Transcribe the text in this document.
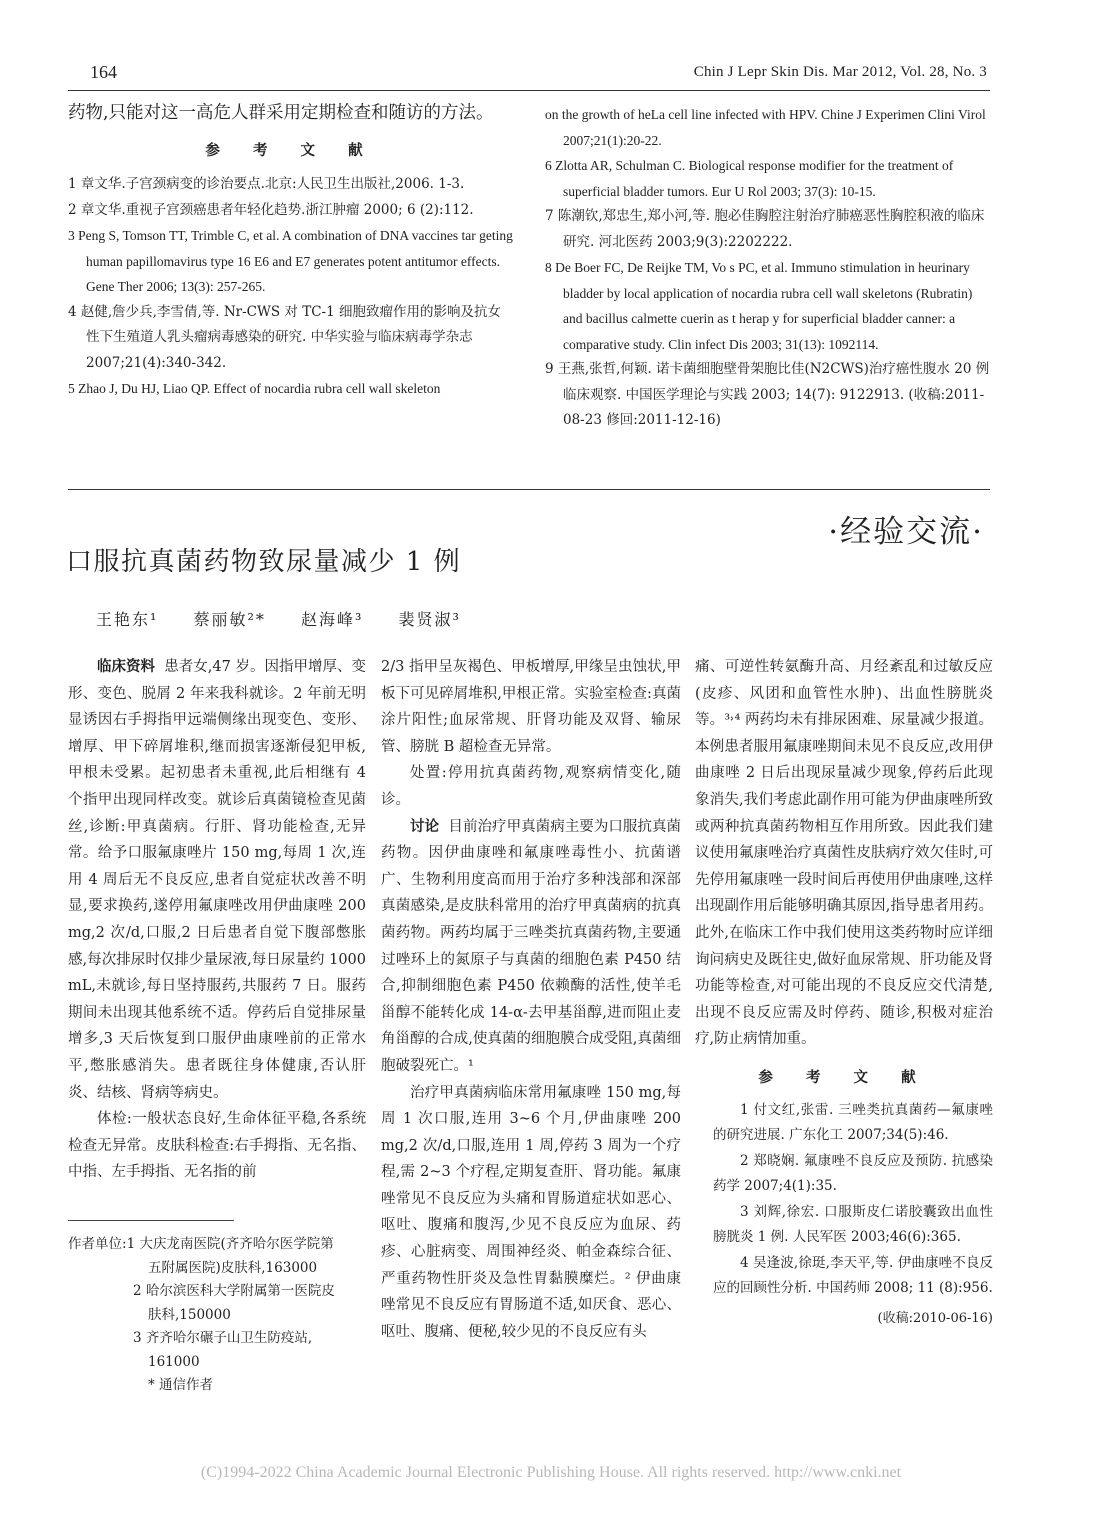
164	Chin J Lepr Skin Dis. Mar 2012, Vol. 28, No. 3

药物,只能对这一高危人群采用定期检查和随访的方法。

参 考 文 献

1 章文华.子宫颈病变的诊治要点.北京:人民卫生出版社,2006. 1-3.

2 章文华.重视子宫颈癌患者年轻化趋势.浙江肿瘤 2000; 6 (2):112.

3 Peng S, Tomson TT, Trimble C, et al. A combination of DNA vaccines tar geting human papillomavirus type 16 E6 and E7 generates potent antitumor effects. Gene Ther 2006; 13(3): 257-265.

4 赵健,詹少兵,李雪倩,等. Nr-CWS 对 TC-1 细胞致瘤作用的影响及抗女性下生殖道人乳头瘤病毒感染的研究. 中华实验与临床病毒学杂志 2007;21(4):340-342.

5 Zhao J, Du HJ, Liao QP. Effect of nocardia rubra cell wall skeleton

on the growth of heLa cell line infected with HPV. Chine J Experimen Clini Virol 2007;21(1):20-22.

6 Zlotta AR, Schulman C. Biological response modifier for the treatment of superficial bladder tumors. Eur U Rol 2003; 37(3): 10-15.

7 陈潮钦,郑忠生,郑小河,等. 胞必佳胸腔注射治疗肺癌恶性胸腔积液的临床研究. 河北医药 2003;9(3):2202222.

8 De Boer FC, De Reijke TM, Vo s PC, et al. Immuno stimulation in heurinary bladder by local application of nocardia rubra cell wall skeletons (Rubratin) and bacillus calmette cuerin as t herap y for superficial bladder canner: a comparative study. Clin infect Dis 2003; 31(13): 1092114.

9 王燕,张哲,何颖. 诺卡菌细胞壁骨架胞比佳(N2CWS)治疗癌性腹水 20 例临床观察. 中国医学理论与实践 2003; 14(7): 9122913. (收稿:2011-08-23 修回:2011-12-16)

·经验交流·
口服抗真菌药物致尿量减少 1 例
王艳东¹ 蔡丽敏²* 赵海峰³ 裴贤淑³

临床资料 患者女,47 岁。因指甲增厚、变形、变色、脱屑 2 年来我科就诊。2 年前无明显诱因右手拇指甲远端侧缘出现变色、变形、增厚、甲下碎屑堆积,继而损害逐渐侵犯甲板,甲根未受累。起初患者未重视,此后相继有 4 个指甲出现同样改变。就诊后真菌镜检查见菌丝,诊断:甲真菌病。行肝、肾功能检查,无异常。给予口服氟康唑片 150 mg,每周 1 次,连用 4 周后无不良反应,患者自觉症状改善不明显,要求换药,遂停用氟康唑改用伊曲康唑 200 mg,2 次/d,口服,2 日后患者自觉下腹部憋胀感,每次排尿时仅排少量尿液,每日尿量约 1000 mL,未就诊,每日坚持服药,共服药 7 日。服药期间未出现其他系统不适。停药后自觉排尿量增多,3 天后恢复到口服伊曲康唑前的正常水平,憋胀感消失。患者既往身体健康,否认肝炎、结核、肾病等病史。

体检:一般状态良好,生命体征平稳,各系统检查无异常。皮肤科检查:右手拇指、无名指、中指、左手拇指、无名指的前

作者单位:1 大庆龙南医院(齐齐哈尔医学院第
五附属医院)皮肤科,163000
2 哈尔滨医科大学附属第一医院皮
肤科,150000
3 齐齐哈尔碾子山卫生防疫站,
161000
* 通信作者

2/3 指甲呈灰褐色、甲板增厚,甲缘呈虫蚀状,甲板下可见碎屑堆积,甲根正常。实验室检查:真菌涂片阳性;血尿常规、肝肾功能及双肾、输尿管、膀胱 B 超检查无异常。

处置:停用抗真菌药物,观察病情变化,随诊。

讨论 目前治疗甲真菌病主要为口服抗真菌药物。因伊曲康唑和氟康唑毒性小、抗菌谱广、生物利用度高而用于治疗多种浅部和深部真菌感染,是皮肤科常用的治疗甲真菌病的抗真菌药物。两药均属于三唑类抗真菌药物,主要通过唑环上的氮原子与真菌的细胞色素 P450 结合,抑制细胞色素 P450 依赖酶的活性,使羊毛甾醇不能转化成 14-α-去甲基甾醇,进而阻止麦角甾醇的合成,使真菌的细胞膜合成受阻,真菌细胞破裂死亡。¹

治疗甲真菌病临床常用氟康唑 150 mg,每周 1 次口服,连用 3~6 个月,伊曲康唑 200 mg,2 次/d,口服,连用 1 周,停药 3 周为一个疗程,需 2~3 个疗程,定期复查肝、肾功能。氟康唑常见不良反应为头痛和胃肠道症状如恶心、呕吐、腹痛和腹泻,少见不良反应为血尿、药疹、心脏病变、周围神经炎、帕金森综合征、严重药物性肝炎及急性胃黏膜糜烂。² 伊曲康唑常见不良反应有胃肠道不适,如厌食、恶心、呕吐、腹痛、便秘,较少见的不良反应有头

痛、可逆性转氨酶升高、月经紊乱和过敏反应(皮疹、风团和血管性水肿)、出血性膀胱炎等。³˒⁴ 两药均未有排尿困难、尿量减少报道。本例患者服用氟康唑期间未见不良反应,改用伊曲康唑 2 日后出现尿量减少现象,停药后此现象消失,我们考虑此副作用可能为伊曲康唑所致或两种抗真菌药物相互作用所致。因此我们建议使用氟康唑治疗真菌性皮肤病疗效欠佳时,可先停用氟康唑一段时间后再使用伊曲康唑,这样出现副作用后能够明确其原因,指导患者用药。此外,在临床工作中我们使用这类药物时应详细询问病史及既往史,做好血尿常规、肝功能及肾功能等检查,对可能出现的不良反应交代清楚,出现不良反应需及时停药、随诊,积极对症治疗,防止病情加重。

参 考 文 献

1 付文红,张雷. 三唑类抗真菌药—氟康唑的研究进展. 广东化工 2007;34(5):46.

2 郑晓娴. 氟康唑不良反应及预防. 抗感染药学 2007;4(1):35.

3 刘辉,徐宏. 口服斯皮仁诺胶囊致出血性膀胱炎 1 例. 人民军医 2003;46(6):365.

4 吴逢波,徐珽,李天平,等. 伊曲康唑不良反应的回顾性分析. 中国药师 2008; 11 (8):956.

(收稿:2010-06-16)
(C)1994-2022 China Academic Journal Electronic Publishing House. All rights reserved. http://www.cnki.net
